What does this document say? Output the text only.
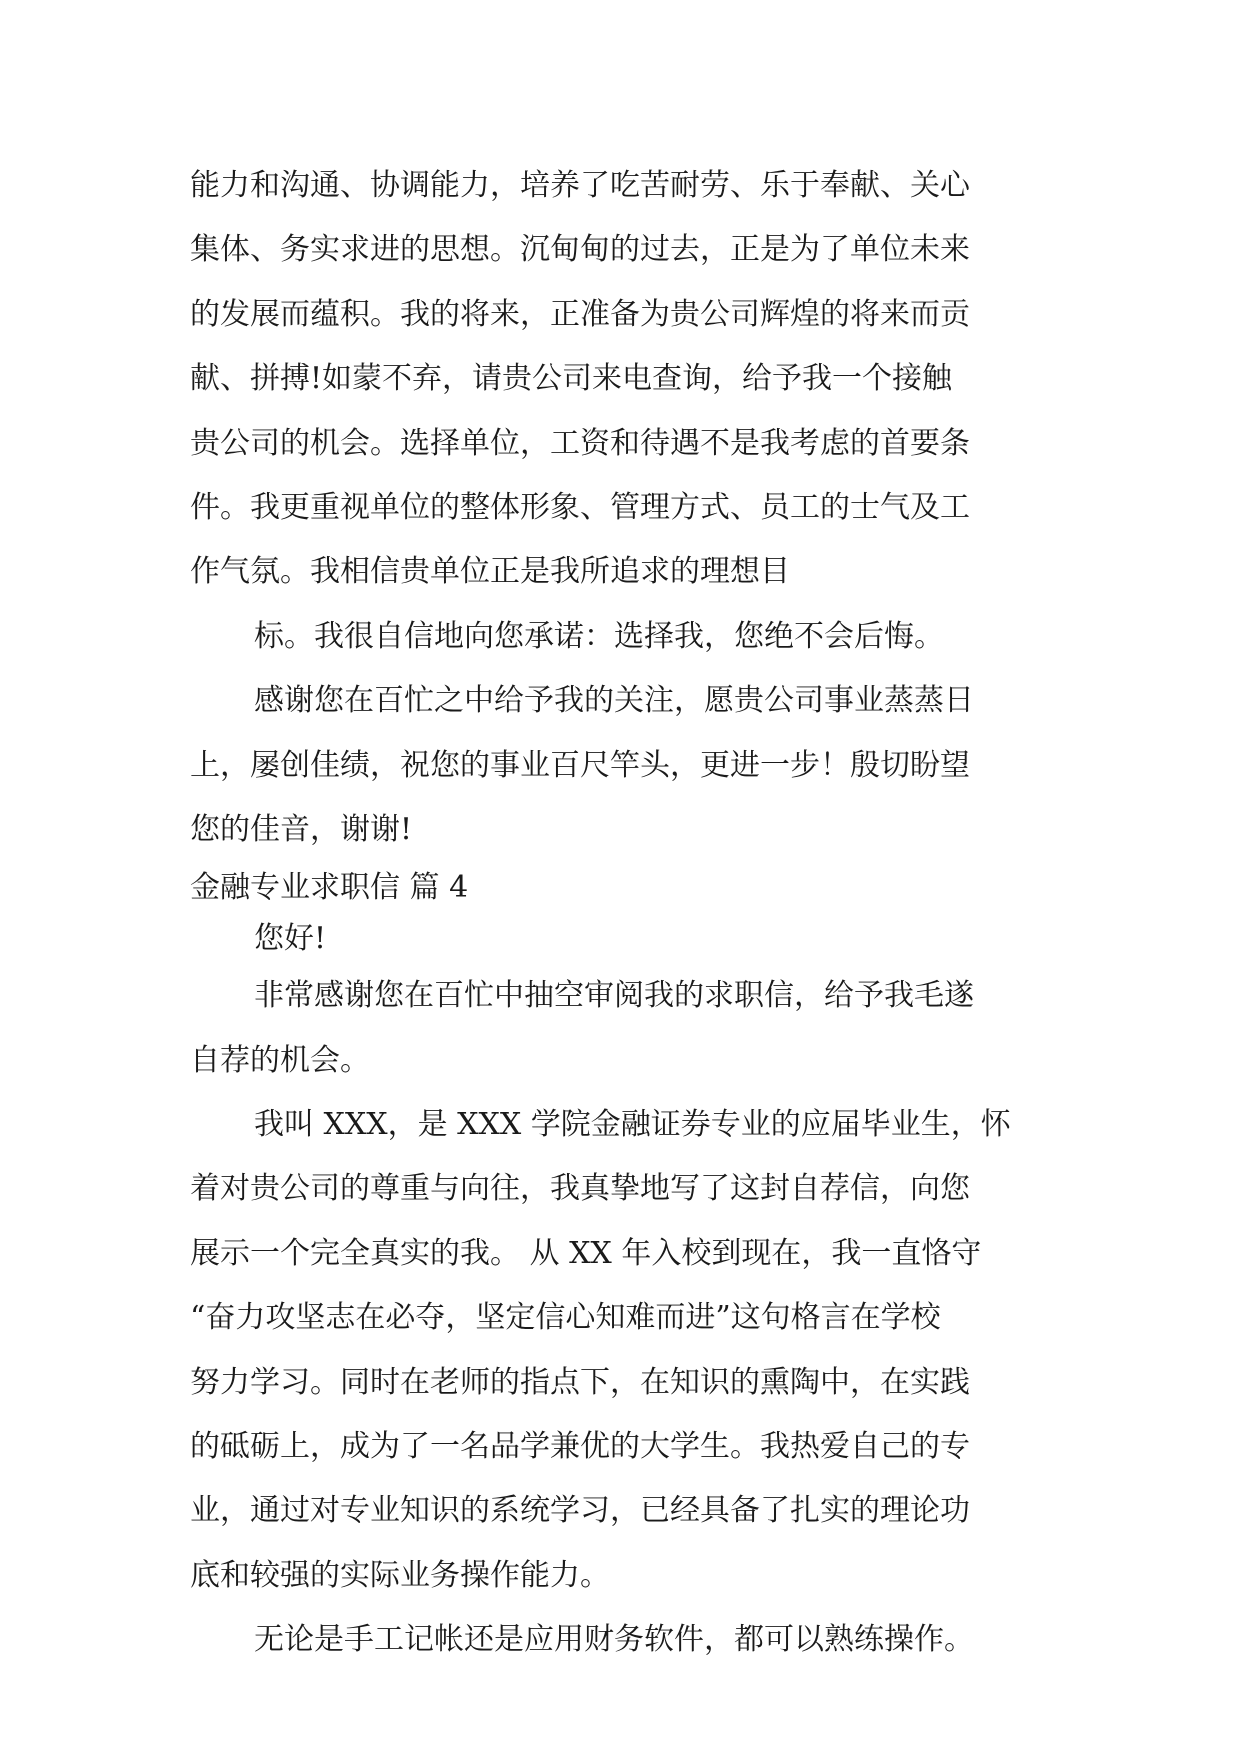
能力和沟通、协调能力，培养了吃苦耐劳、乐于奉献、关心
集体、务实求进的思想。沉甸甸的过去，正是为了单位未来
的发展而蕴积。我的将来，正准备为贵公司辉煌的将来而贡
献、拼搏!如蒙不弃，请贵公司来电查询，给予我一个接触
贵公司的机会。选择单位，工资和待遇不是我考虑的首要条
件。我更重视单位的整体形象、管理方式、员工的士气及工
作气氛。我相信贵单位正是我所追求的理想目
标。我很自信地向您承诺：选择我，您绝不会后悔。
感谢您在百忙之中给予我的关注，愿贵公司事业蒸蒸日
上，屡创佳绩，祝您的事业百尺竿头，更进一步！殷切盼望
您的佳音，谢谢!
金融专业求职信 篇 4
您好!
非常感谢您在百忙中抽空审阅我的求职信，给予我毛遂
自荐的机会。
我叫 XXX，是 XXX 学院金融证券专业的应届毕业生，怀
着对贵公司的尊重与向往，我真挚地写了这封自荐信，向您
展示一个完全真实的我。 从 XX 年入校到现在，我一直恪守
“奋力攻坚志在必夺，坚定信心知难而进”这句格言在学校
努力学习。同时在老师的指点下，在知识的熏陶中，在实践
的砥砺上，成为了一名品学兼优的大学生。我热爱自己的专
业，通过对专业知识的系统学习，已经具备了扎实的理论功
底和较强的实际业务操作能力。
无论是手工记帐还是应用财务软件，都可以熟练操作。
